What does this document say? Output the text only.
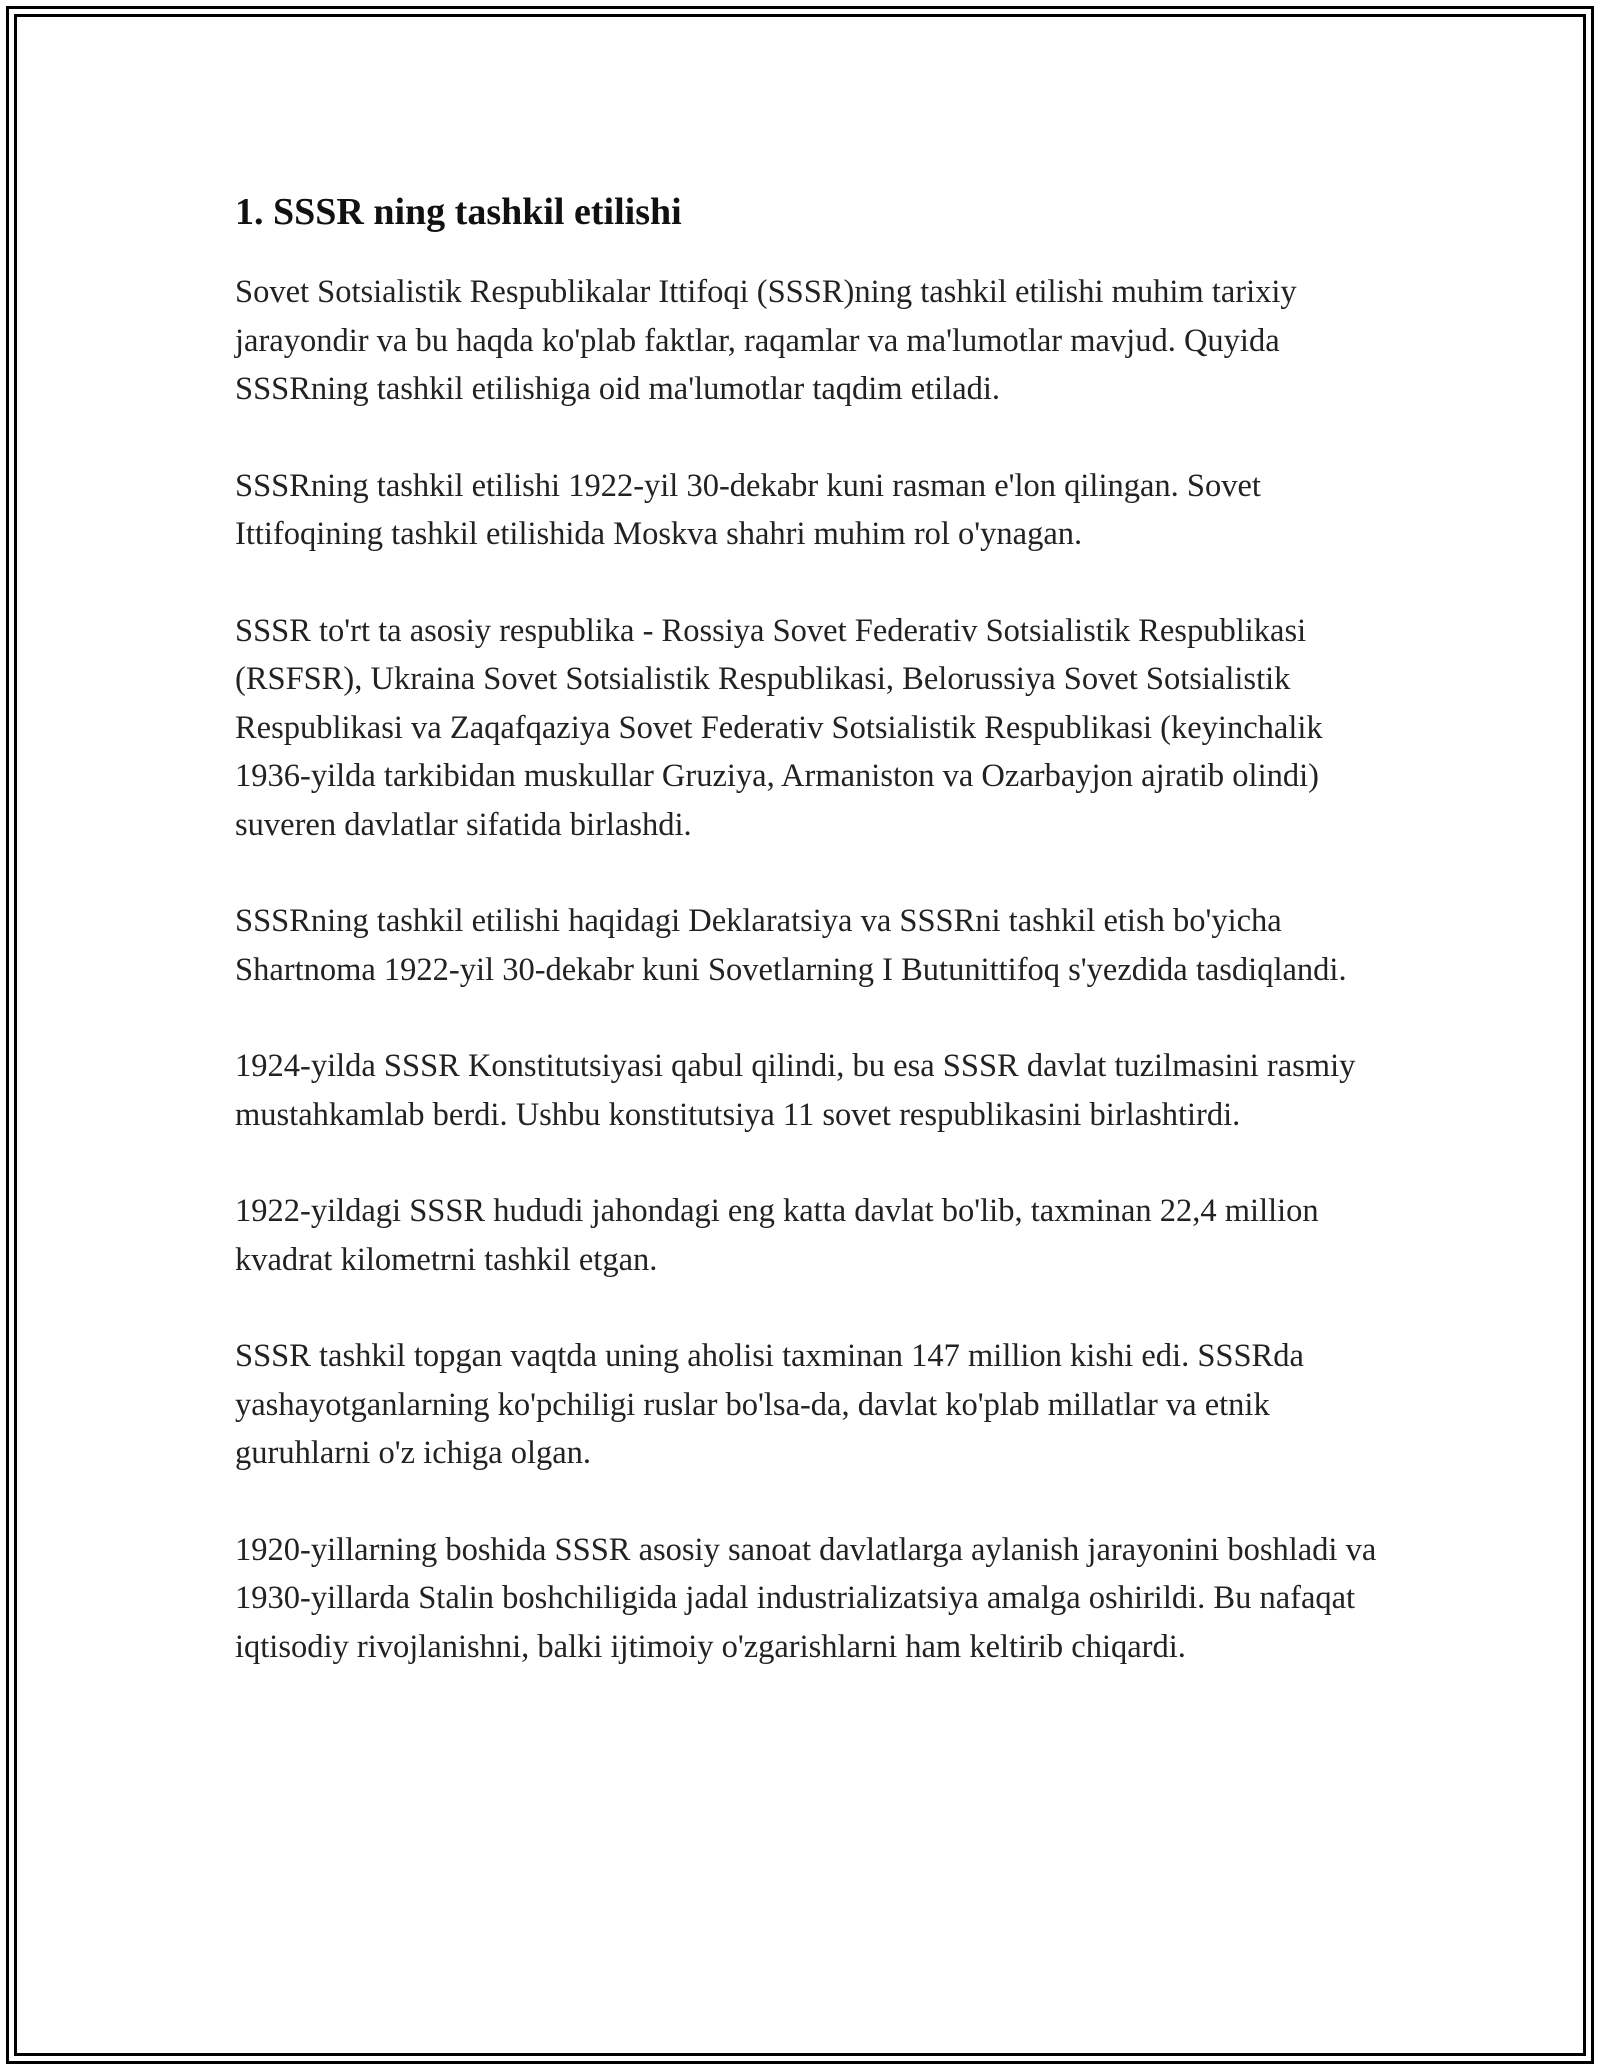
1. SSSR ning tashkil etilishi

Sovet Sotsialistik Respublikalar Ittifoqi (SSSR)ning tashkil etilishi muhim tarixiy jarayondir va bu haqda ko'plab faktlar, raqamlar va ma'lumotlar mavjud. Quyida SSSRning tashkil etilishiga oid ma'lumotlar taqdim etiladi.

SSSRning tashkil etilishi 1922-yil 30-dekabr kuni rasman e'lon qilingan. Sovet Ittifoqining tashkil etilishida Moskva shahri muhim rol o'ynagan.

SSSR to'rt ta asosiy respublika - Rossiya Sovet Federativ Sotsialistik Respublikasi (RSFSR), Ukraina Sovet Sotsialistik Respublikasi, Belorussiya Sovet Sotsialistik Respublikasi va Zaqafqaziya Sovet Federativ Sotsialistik Respublikasi (keyinchalik 1936-yilda tarkibidan muskullar Gruziya, Armaniston va Ozarbayjon ajratib olindi) suveren davlatlar sifatida birlashdi.

SSSRning tashkil etilishi haqidagi Deklaratsiya va SSSRni tashkil etish bo'yicha Shartnoma 1922-yil 30-dekabr kuni Sovetlarning I Butunittifoq s'yezdida tasdiqlandi.

1924-yilda SSSR Konstitutsiyasi qabul qilindi, bu esa SSSR davlat tuzilmasini rasmiy mustahkamlab berdi. Ushbu konstitutsiya 11 sovet respublikasini birlashtirdi.

1922-yildagi SSSR hududi jahondagi eng katta davlat bo'lib, taxminan 22,4 million kvadrat kilometrni tashkil etgan.

SSSR tashkil topgan vaqtda uning aholisi taxminan 147 million kishi edi. SSSRda yashayotganlarning ko'pchiligi ruslar bo'lsa-da, davlat ko'plab millatlar va etnik guruhlarni o'z ichiga olgan.

1920-yillarning boshida SSSR asosiy sanoat davlatlarga aylanish jarayonini boshladi va 1930-yillarda Stalin boshchiligida jadal industrializatsiya amalga oshirildi. Bu nafaqat iqtisodiy rivojlanishni, balki ijtimoiy o'zgarishlarni ham keltirib chiqardi.
